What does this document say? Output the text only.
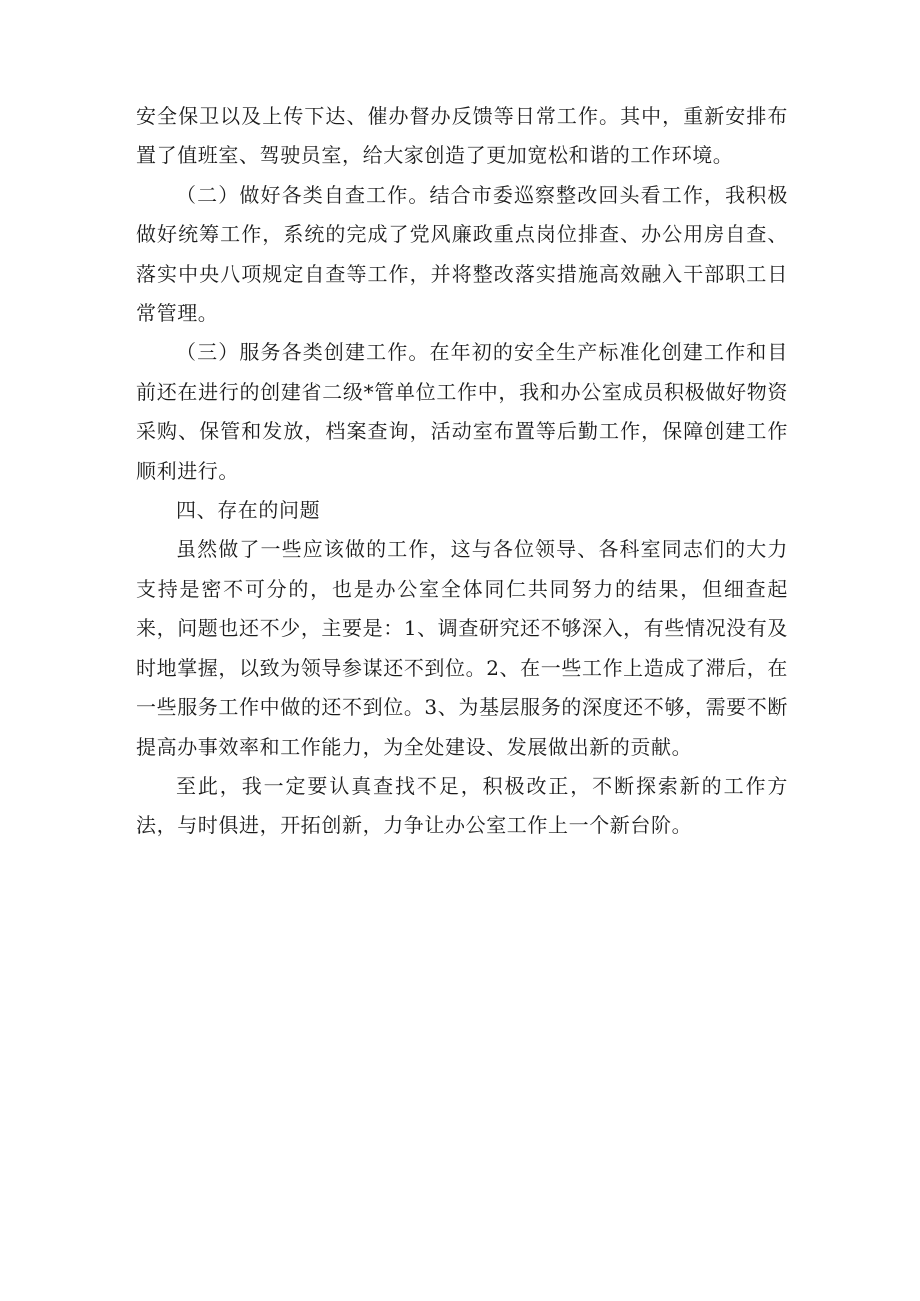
安全保卫以及上传下达、催办督办反馈等日常工作。其中，重新安排布置了值班室、驾驶员室，给大家创造了更加宽松和谐的工作环境。

（二）做好各类自查工作。结合市委巡察整改回头看工作，我积极做好统筹工作，系统的完成了党风廉政重点岗位排查、办公用房自查、落实中央八项规定自查等工作，并将整改落实措施高效融入干部职工日常管理。

（三）服务各类创建工作。在年初的安全生产标准化创建工作和目前还在进行的创建省二级*管单位工作中，我和办公室成员积极做好物资采购、保管和发放，档案查询，活动室布置等后勤工作，保障创建工作顺利进行。

四、存在的问题

虽然做了一些应该做的工作，这与各位领导、各科室同志们的大力支持是密不可分的，也是办公室全体同仁共同努力的结果，但细查起来，问题也还不少，主要是：1、调查研究还不够深入，有些情况没有及时地掌握，以致为领导参谋还不到位。2、在一些工作上造成了滞后，在一些服务工作中做的还不到位。3、为基层服务的深度还不够，需要不断提高办事效率和工作能力，为全处建设、发展做出新的贡献。

至此，我一定要认真查找不足，积极改正，不断探索新的工作方法，与时俱进，开拓创新，力争让办公室工作上一个新台阶。
